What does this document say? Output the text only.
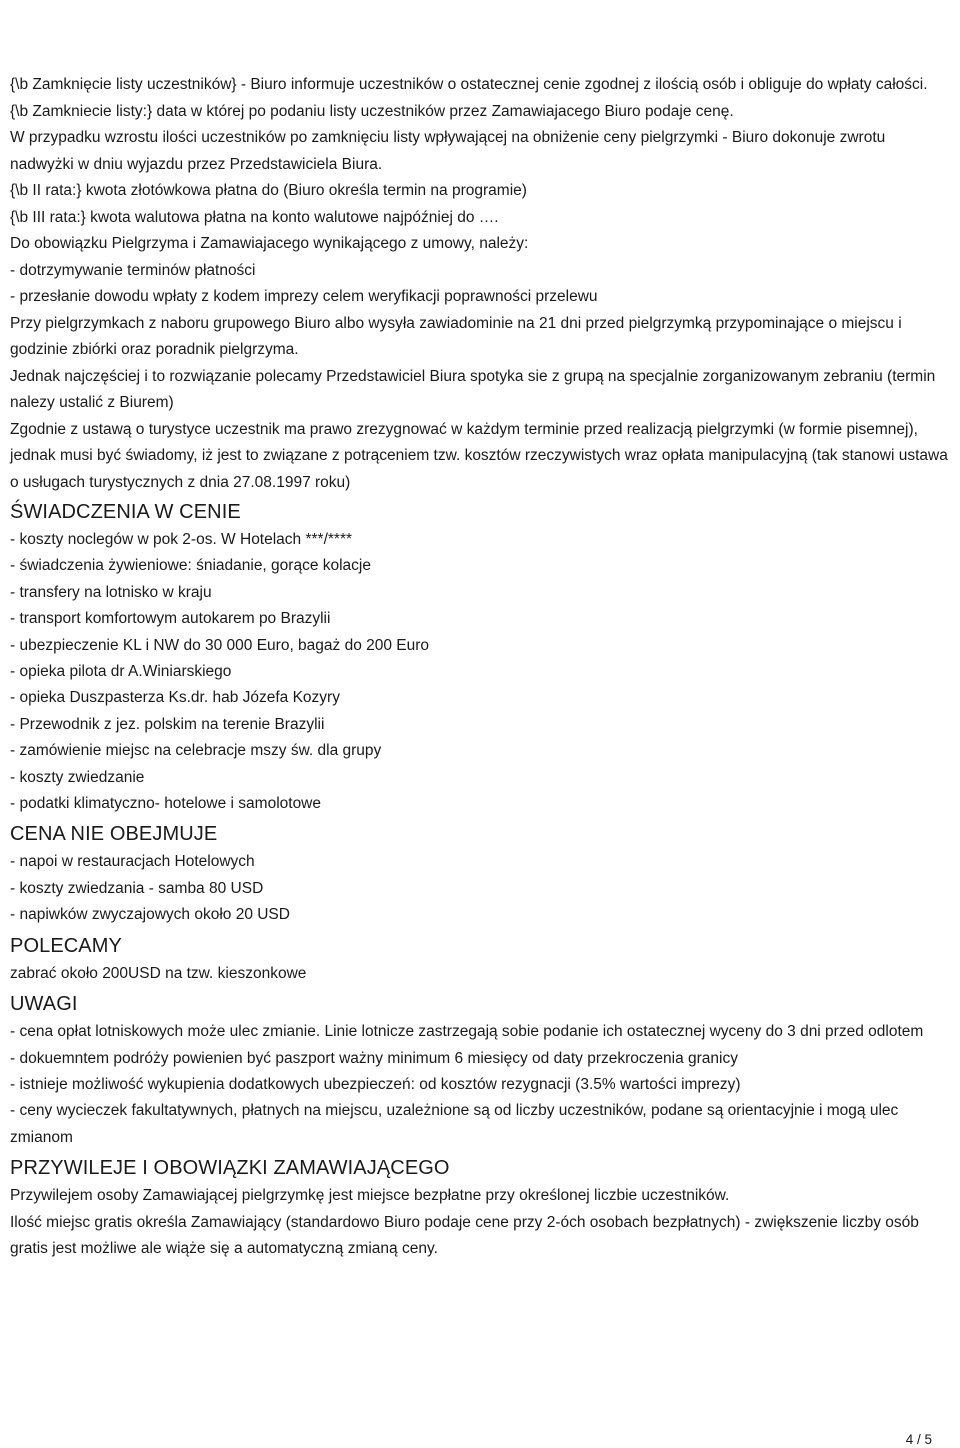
{\b Zamknięcie listy uczestników} - Biuro informuje uczestników o ostatecznej cenie zgodnej z ilością osób i obliguje do wpłaty całości.

{\b Zamkniecie listy:} data w której po podaniu listy uczestników przez Zamawiajacego Biuro podaje cenę.

W przypadku wzrostu ilości uczestników po zamknięciu listy wpływającej na obniżenie ceny pielgrzymki - Biuro dokonuje zwrotu nadwyżki w dniu wyjazdu przez Przedstawiciela Biura.

{\b II rata:} kwota złotówkowa płatna do (Biuro określa termin na programie)

{\b III rata:} kwota walutowa płatna na konto walutowe najpóźniej do ….

Do obowiązku Pielgrzyma i Zamawiajacego wynikającego z umowy, należy:

- dotrzymywanie terminów płatności

- przesłanie dowodu wpłaty z kodem imprezy celem weryfikacji poprawności przelewu

Przy pielgrzymkach z naboru grupowego Biuro albo wysyła zawiadominie na 21 dni przed pielgrzymką przypominające o miejscu i godzinie zbiórki oraz poradnik pielgrzyma.

Jednak najczęściej i to rozwiązanie polecamy Przedstawiciel Biura spotyka sie z grupą na specjalnie zorganizowanym zebraniu (termin nalezy ustalić z Biurem)

Zgodnie z ustawą o turystyce uczestnik ma prawo zrezygnować w każdym terminie przed realizacją pielgrzymki (w formie pisemnej), jednak musi być świadomy, iż jest to związane z potrąceniem tzw. kosztów rzeczywistych wraz opłata manipulacyjną (tak stanowi ustawa o usługach turystycznych z dnia 27.08.1997 roku)

ŚWIADCZENIA W CENIE

- koszty noclegów w pok 2-os. W Hotelach ***/****

- świadczenia żywieniowe: śniadanie, gorące kolacje

- transfery na lotnisko w kraju

- transport komfortowym autokarem po Brazylii

- ubezpieczenie KL i NW do 30 000 Euro, bagaż do 200 Euro

- opieka pilota dr A.Winiarskiego

- opieka Duszpasterza Ks.dr. hab Józefa Kozyry

- Przewodnik z jez. polskim na terenie Brazylii

- zamówienie miejsc na celebracje mszy św. dla grupy

- koszty zwiedzanie

- podatki klimatyczno- hotelowe i samolotowe

CENA NIE OBEJMUJE

- napoi w restauracjach Hotelowych

- koszty zwiedzania - samba 80 USD

- napiwków zwyczajowych około 20 USD

POLECAMY

zabrać około 200USD na tzw. kieszonkowe

UWAGI

- cena opłat lotniskowych może ulec zmianie. Linie lotnicze zastrzegają sobie podanie ich ostatecznej wyceny do 3 dni przed odlotem

- dokuemntem podróży powienien być paszport ważny minimum 6 miesięcy od daty przekroczenia granicy

- istnieje możliwość wykupienia dodatkowych ubezpieczeń: od kosztów rezygnacji (3.5% wartości imprezy)

- ceny wycieczek fakultatywnych, płatnych na miejscu, uzależnione są od liczby uczestników, podane są orientacyjnie i mogą ulec zmianom

PRZYWILEJE I OBOWIĄZKI ZAMAWIAJĄCEGO

Przywilejem osoby Zamawiającej pielgrzymkę jest miejsce bezpłatne przy określonej liczbie uczestników.

Ilość miejsc gratis określa Zamawiający (standardowo Biuro podaje cene przy 2-óch osobach bezpłatnych) - zwiększenie liczby osób gratis jest możliwe ale wiąże się a automatyczną zmianą ceny.

4 / 5
